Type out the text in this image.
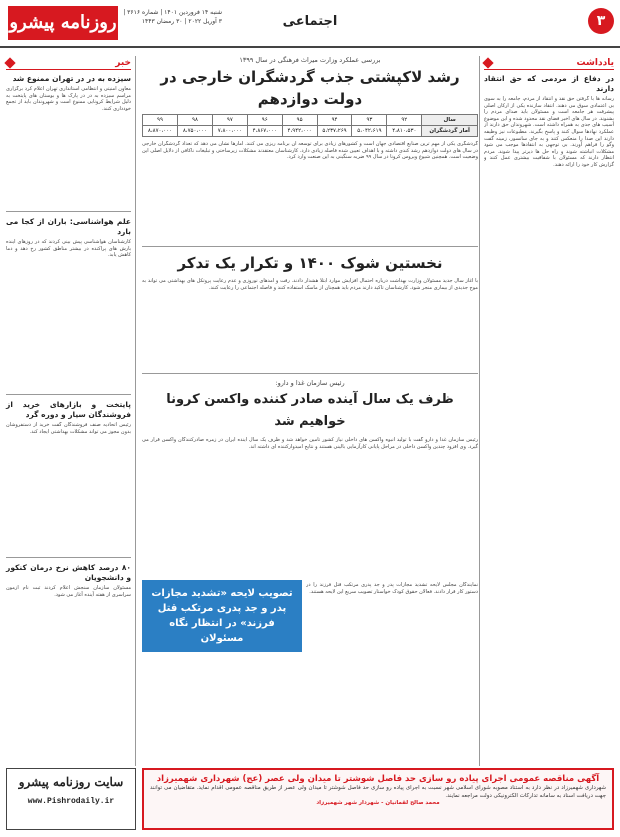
۳
اجتماعی
شنبه ۱۴ فروردین ۱۴۰۱ | شماره ۳۶۱۶ | ۳ آوریل ۲۰۲۲ | ۳۰ رمضان ۱۴۴۳
روزنامه پیشرو
یادداشت
در دفاع از مردمی که حق انتقاد دارند
رسانه ها با گرفتن حق نقد و انتقاد از مردم، جامعه را به سوی بی اعتمادی سوق می دهند. انتقاد سازنده یکی از ارکان اصلی پیشرفت هر جامعه است و مسئولان باید صدای مردم را بشنوند. در سال های اخیر فضای نقد محدود شده و این موضوع آسیب های جدی به همراه داشته است. شهروندان حق دارند از عملکرد نهادها سوال کنند و پاسخ بگیرند. مطبوعات نیز وظیفه دارند این صدا را منعکس کنند و به جای سانسور، زمینه گفت وگو را فراهم آورند. بی توجهی به انتقادها موجب می شود مشکلات انباشته شوند و راه حل ها دیرتر پیدا شوند. مردم انتظار دارند که مسئولان با شفافیت بیشتری عمل کنند و گزارش کار خود را ارائه دهند.
خبر
سیزده به در در تهران ممنوع شد
معاون امنیتی و انتظامی استانداری تهران اعلام کرد برگزاری مراسم سیزده به در در پارک ها و بوستان های پایتخت به دلیل شرایط کرونایی ممنوع است و شهروندان باید از تجمع خودداری کنند.
علم هواشناسی: باران از کجا می بارد
کارشناسان هواشناسی پیش بینی کردند که در روزهای آینده بارش های پراکنده در بیشتر مناطق کشور رخ دهد و دما کاهش یابد.
پایتخت و بازارهای خرید از فروشندگان سیار و دوره گرد
رئیس اتحادیه صنف فروشندگان گفت خرید از دستفروشان بدون مجوز می تواند مشکلات بهداشتی ایجاد کند.
۸۰ درصد کاهش نرخ درمان کنکور و دانشجویان
مسئولان سازمان سنجش اعلام کردند ثبت نام آزمون سراسری از هفته آینده آغاز می شود.
بررسی عملکرد وزارت میراث فرهنگی در سال ۱۳۹۹
رشد لاکپشتی جذب گردشگران خارجی در دولت دوازدهم
سال	۹۲	۹۳	۹۴	۹۵	۹۶	۹۷	۹۸	۹۹
آمار گردشگران	۴،۸۱۰،۵۳۰	۵،۰۴۲،۶۱۹	۵،۲۳۷،۲۶۹	۴،۹۴۲،۰۰۰	۴،۸۶۷،۰۰۰	۷،۸۰۰،۰۰۰	۸،۷۵۰،۰۰۰	۸،۸۷۰،۰۰۰
گردشگری یکی از مهم ترین صنایع اقتصادی جهان است و کشورهای زیادی برای توسعه آن برنامه ریزی می کنند. آمارها نشان می دهد که تعداد گردشگران خارجی در سال های دولت دوازدهم رشد کندی داشته و با اهداف تعیین شده فاصله زیادی دارد. کارشناسان معتقدند مشکلات زیرساختی و تبلیغات ناکافی از دلایل اصلی این وضعیت است. همچنین شیوع ویروس کرونا در سال ۹۹ ضربه سنگینی به این صنعت وارد کرد.
نخستین شوک ۱۴۰۰ و تکرار یک تدکر
با آغاز سال جدید مسئولان وزارت بهداشت درباره احتمال افزایش موارد ابتلا هشدار دادند. رفت و آمدهای نوروزی و عدم رعایت پروتکل های بهداشتی می تواند به موج جدیدی از بیماری منجر شود. کارشناسان تاکید دارند مردم باید همچنان از ماسک استفاده کنند و فاصله اجتماعی را رعایت کنند.
رئیس سازمان غذا و دارو:
ظرف یک سال آینده صادر کننده واکسن کرونا خواهیم شد
رئیس سازمان غذا و دارو گفت با تولید انبوه واکسن های داخلی نیاز کشور تامین خواهد شد و ظرف یک سال آینده ایران در زمره صادرکنندگان واکسن قرار می گیرد. وی افزود چندین واکسن داخلی در مراحل پایانی کارآزمایی بالینی هستند و نتایج امیدوارکننده ای داشته اند.
تصویب لایحه «تشدید مجازات پدر و جد پدری مرتکب قتل فرزند» در انتظار نگاه مسئولان
نمایندگان مجلس لایحه تشدید مجازات پدر و جد پدری مرتکب قتل فرزند را در دستور کار قرار دادند. فعالان حقوق کودک خواستار تصویب سریع این لایحه هستند.
آگهی مناقصه عمومی اجرای پیاده رو سازی حد فاصل شوشتر تا میدان ولی عصر (عج) شهرداری شهمیرزاد
شهرداری شهمیرزاد در نظر دارد به استناد مصوبه شورای اسلامی شهر نسبت به اجرای پیاده رو سازی حد فاصل شوشتر تا میدان ولی عصر از طریق مناقصه عمومی اقدام نماید. متقاضیان می توانند جهت دریافت اسناد به سامانه تدارکات الکترونیکی دولت مراجعه نمایند.
محمد صالح لقمانیان - شهردار شهر شهمیرزاد
سایت روزنامه پیشرو
www.Pishrodaily.ir
